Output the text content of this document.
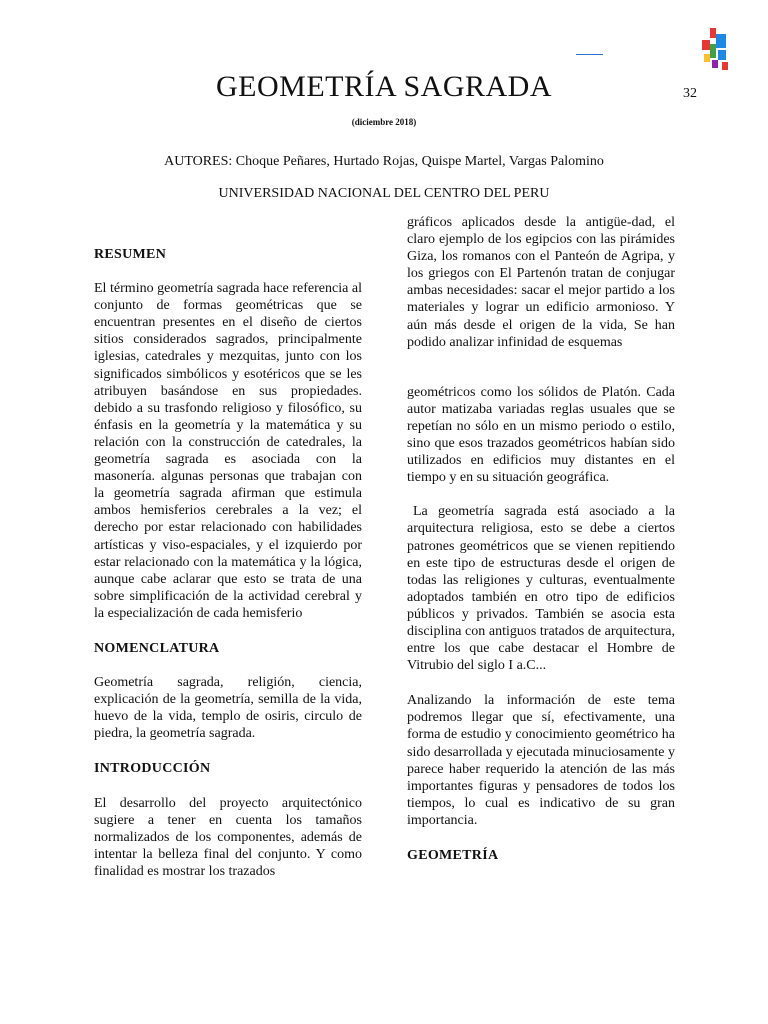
32
GEOMETRÍA SAGRADA
(diciembre 2018)
AUTORES: Choque Peñares, Hurtado Rojas, Quispe Martel, Vargas Palomino
UNIVERSIDAD NACIONAL DEL CENTRO DEL PERU

RESUMEN

El término geometría sagrada hace referencia al conjunto de formas geométricas que se encuentran presentes en el diseño de ciertos sitios considerados sagrados, principalmente iglesias, catedrales y mezquitas, junto con los significados simbólicos y esotéricos que se les atribuyen basándose en sus propiedades. debido a su trasfondo religioso y filosófico, su énfasis en la geometría y la matemática y su relación con la construcción de catedrales, la geometría sagrada es asociada con la masonería. algunas personas que trabajan con la geometría sagrada afirman que estimula ambos hemisferios cerebrales a la vez; el derecho por estar relacionado con habilidades artísticas y viso-espaciales, y el izquierdo por estar relacionado con la matemática y la lógica, aunque cabe aclarar que esto se trata de una sobre simplificación de la actividad cerebral y la especialización de cada hemisferio

NOMENCLATURA

Geometría sagrada, religión, ciencia, explicación de la geometría, semilla de la vida, huevo de la vida, templo de osiris, circulo de piedra, la geometría sagrada.

INTRODUCCIÓN

El desarrollo del proyecto arquitectónico sugiere a tener en cuenta los tamaños normalizados de los componentes, además de intentar la belleza final del conjunto. Y como finalidad es mostrar los trazados

gráficos aplicados desde la antigüe-dad, el claro ejemplo de los egipcios con las pirámides Giza, los romanos con el Panteón de Agripa, y los griegos con El Partenón tratan de conjugar ambas necesidades: sacar el mejor partido a los materiales y lograr un edificio armonioso. Y aún más desde el origen de la vida, Se han podido analizar infinidad de esquemas

geométricos como los sólidos de Platón. Cada autor matizaba variadas reglas usuales que se repetían no sólo en un mismo periodo o estilo, sino que esos trazados geométricos habían sido utilizados en edificios muy distantes en el tiempo y en su situación geográfica.

La geometría sagrada está asociado a la arquitectura religiosa, esto se debe a ciertos patrones geométricos que se vienen repitiendo en este tipo de estructuras desde el origen de todas las religiones y culturas, eventualmente adoptados también en otro tipo de edificios públicos y privados. También se asocia esta disciplina con antiguos tratados de arquitectura, entre los que cabe destacar el Hombre de Vitrubio del siglo I a.C...

Analizando la información de este tema podremos llegar que sí, efectivamente, una forma de estudio y conocimiento geométrico ha sido desarrollada y ejecutada minuciosamente y parece haber requerido la atención de las más importantes figuras y pensadores de todos los tiempos, lo cual es indicativo de su gran importancia.

GEOMETRÍA
